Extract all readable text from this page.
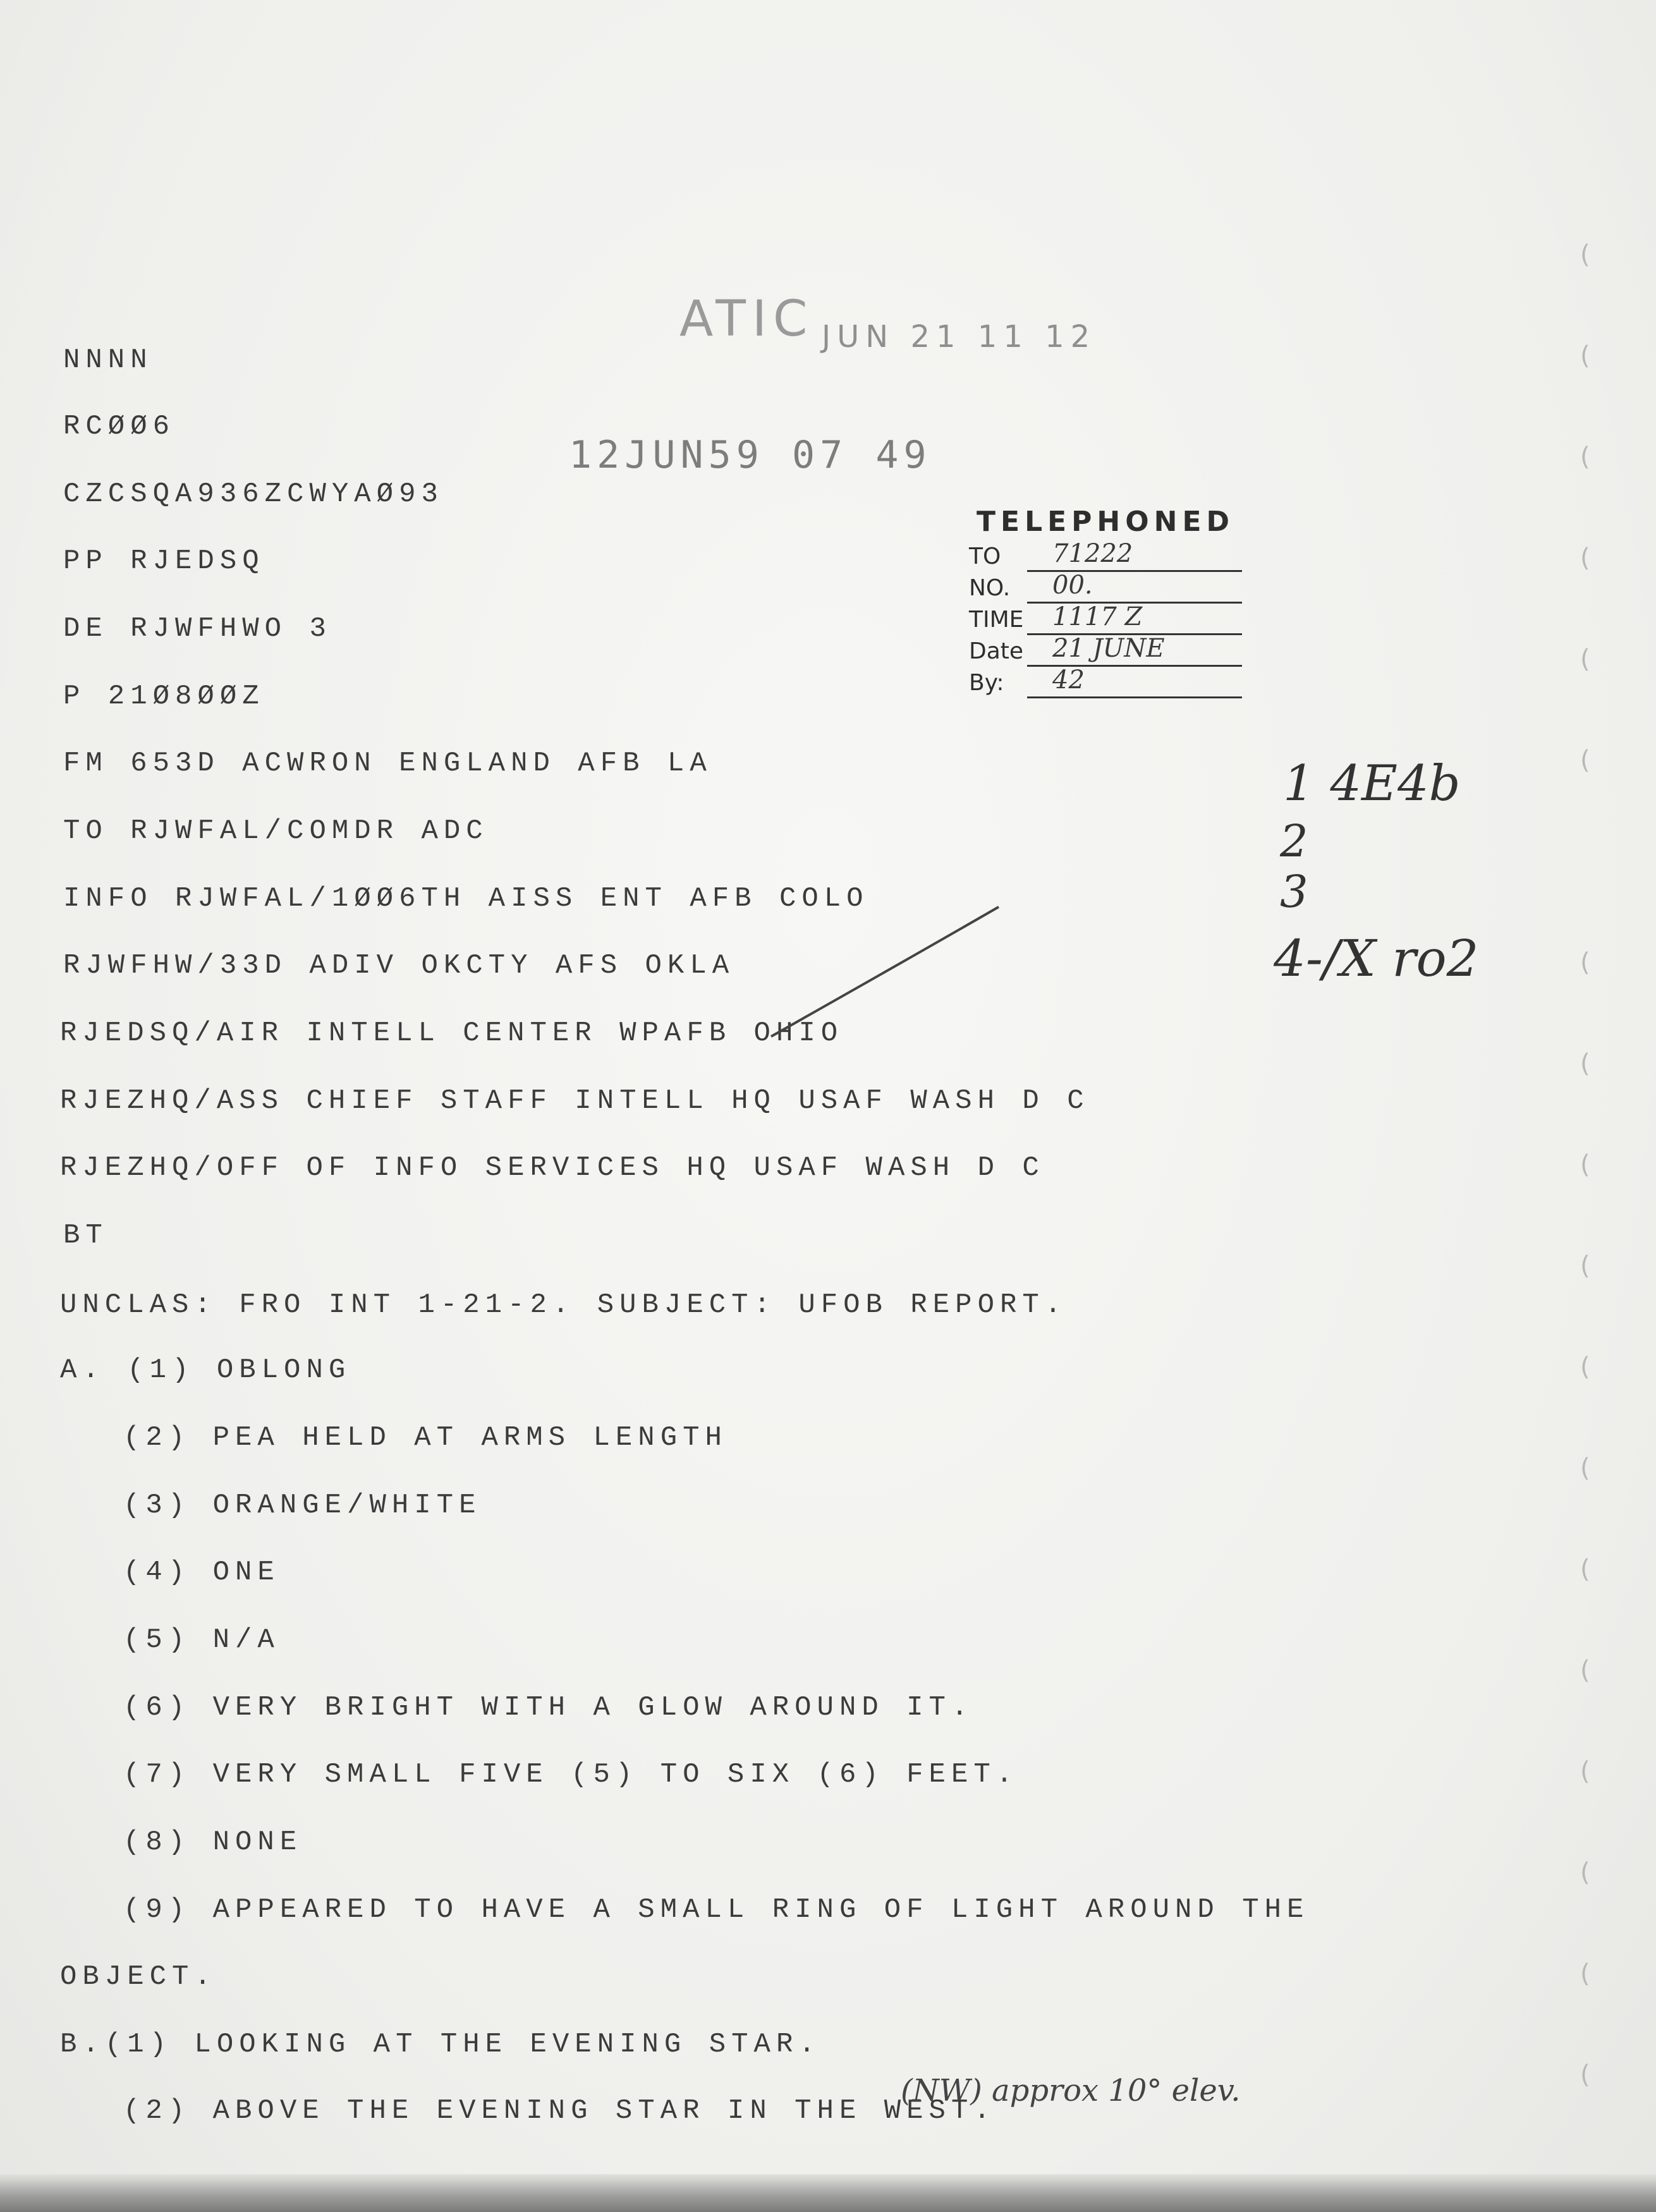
ATIC JUN 21 11 12
12JUN59 07 49
TELEPHONED
TO 71222
NO. 00.
TIME 1117 Z
Date 21 JUNE
By: 42
NNNN
RCØØ6
CZCSQA936ZCWYAØ93
PP RJEDSQ
DE RJWFHWO 3
P 21Ø8ØØZ
FM 653D ACWRON ENGLAND AFB LA
TO RJWFAL/COMDR ADC
INFO RJWFAL/1ØØ6TH AISS ENT AFB COLO
RJWFHW/33D ADIV OKCTY AFS OKLA
RJEDSQ/AIR INTELL CENTER WPAFB OHIO
RJEZHQ/ASS CHIEF STAFF INTELL HQ USAF WASH D C
RJEZHQ/OFF OF INFO SERVICES HQ USAF WASH D C
BT
UNCLAS: FRO INT 1-21-2. SUBJECT: UFOB REPORT.
A. (1) OBLONG
(2) PEA HELD AT ARMS LENGTH
(3) ORANGE/WHITE
(4) ONE
(5) N/A
(6) VERY BRIGHT WITH A GLOW AROUND IT.
(7) VERY SMALL FIVE (5) TO SIX (6) FEET.
(8) NONE
(9) APPEARED TO HAVE A SMALL RING OF LIGHT AROUND THE
OBJECT.
B.(1) LOOKING AT THE EVENING STAR.
(2) ABOVE THE EVENING STAR IN THE WEST.
(NW) approx 10° elev.
1 4E4b
2
3
4-/X ro2
(
(
(
(
(
(
(
(
(
(
(
(
(
(
(
(
(
(
